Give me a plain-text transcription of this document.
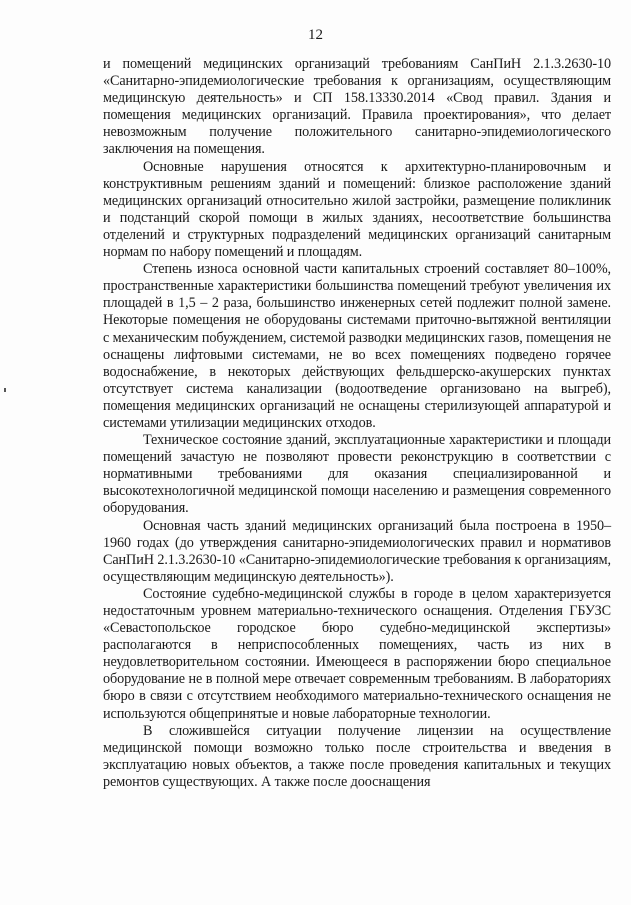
12

и помещений медицинских организаций требованиям СанПиН 2.1.3.2630-10 «Санитарно-эпидемиологические требования к организациям, осуществляющим медицинскую деятельность» и СП 158.13330.2014 «Свод правил. Здания и помещения медицинских организаций. Правила проектирования», что делает невозможным получение положительного санитарно-эпидемиологического заключения на помещения.

Основные нарушения относятся к архитектурно-планировочным и конструктивным решениям зданий и помещений: близкое расположение зданий медицинских организаций относительно жилой застройки, размещение поликлиник и подстанций скорой помощи в жилых зданиях, несоответствие большинства отделений и структурных подразделений медицинских организаций санитарным нормам по набору помещений и площадям.

Степень износа основной части капитальных строений составляет 80–100%, пространственные характеристики большинства помещений требуют увеличения их площадей в 1,5 – 2 раза, большинство инженерных сетей подлежит полной замене. Некоторые помещения не оборудованы системами приточно-вытяжной вентиляции с механическим побуждением, системой разводки медицинских газов, помещения не оснащены лифтовыми системами, не во всех помещениях подведено горячее водоснабжение, в некоторых действующих фельдшерско-акушерских пунктах отсутствует система канализации (водоотведение организовано на выгреб), помещения медицинских организаций не оснащены стерилизующей аппаратурой и системами утилизации медицинских отходов.

Техническое состояние зданий, эксплуатационные характеристики и площади помещений зачастую не позволяют провести реконструкцию в соответствии с нормативными требованиями для оказания специализированной и высокотехнологичной медицинской помощи населению и размещения современного оборудования.

Основная часть зданий медицинских организаций была построена в 1950–1960 годах (до утверждения санитарно-эпидемиологических правил и нормативов СанПиН 2.1.3.2630-10 «Санитарно-эпидемиологические требования к организациям, осуществляющим медицинскую деятельность»).

Состояние судебно-медицинской службы в городе в целом характеризуется недостаточным уровнем материально-технического оснащения. Отделения ГБУЗС «Севастопольское городское бюро судебно-медицинской экспертизы» располагаются в неприспособленных помещениях, часть из них в неудовлетворительном состоянии. Имеющееся в распоряжении бюро специальное оборудование не в полной мере отвечает современным требованиям. В лабораториях бюро в связи с отсутствием необходимого материально-технического оснащения не используются общепринятые и новые лабораторные технологии.

В сложившейся ситуации получение лицензии на осуществление медицинской помощи возможно только после строительства и введения в эксплуатацию новых объектов, а также после проведения капитальных и текущих ремонтов существующих. А также после дооснащения
